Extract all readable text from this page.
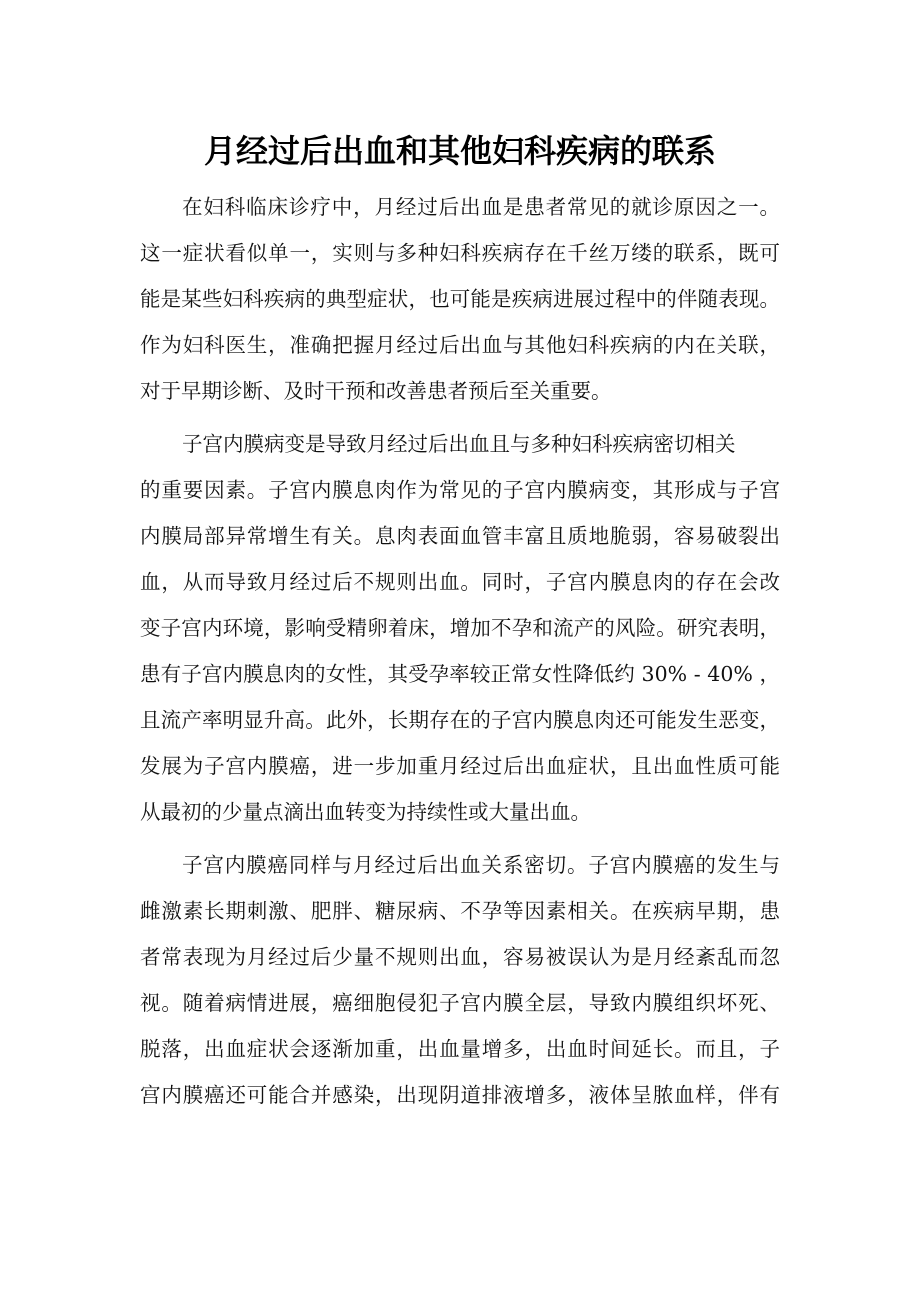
月经过后出血和其他妇科疾病的联系
在妇科临床诊疗中，月经过后出血是患者常见的就诊原因之一。
这一症状看似单一，实则与多种妇科疾病存在千丝万缕的联系，既可
能是某些妇科疾病的典型症状，也可能是疾病进展过程中的伴随表现。
作为妇科医生，准确把握月经过后出血与其他妇科疾病的内在关联，
对于早期诊断、及时干预和改善患者预后至关重要。
子宫内膜病变是导致月经过后出血且与多种妇科疾病密切相关
的重要因素。子宫内膜息肉作为常见的子宫内膜病变，其形成与子宫
内膜局部异常增生有关。息肉表面血管丰富且质地脆弱，容易破裂出
血，从而导致月经过后不规则出血。同时，子宫内膜息肉的存在会改
变子宫内环境，影响受精卵着床，增加不孕和流产的风险。研究表明，
患有子宫内膜息肉的女性，其受孕率较正常女性降低约 30% - 40% ，
且流产率明显升高。此外，长期存在的子宫内膜息肉还可能发生恶变，
发展为子宫内膜癌，进一步加重月经过后出血症状，且出血性质可能
从最初的少量点滴出血转变为持续性或大量出血。
子宫内膜癌同样与月经过后出血关系密切。子宫内膜癌的发生与
雌激素长期刺激、肥胖、糖尿病、不孕等因素相关。在疾病早期，患
者常表现为月经过后少量不规则出血，容易被误认为是月经紊乱而忽
视。随着病情进展，癌细胞侵犯子宫内膜全层，导致内膜组织坏死、
脱落，出血症状会逐渐加重，出血量增多，出血时间延长。而且，子
宫内膜癌还可能合并感染，出现阴道排液增多，液体呈脓血样，伴有
